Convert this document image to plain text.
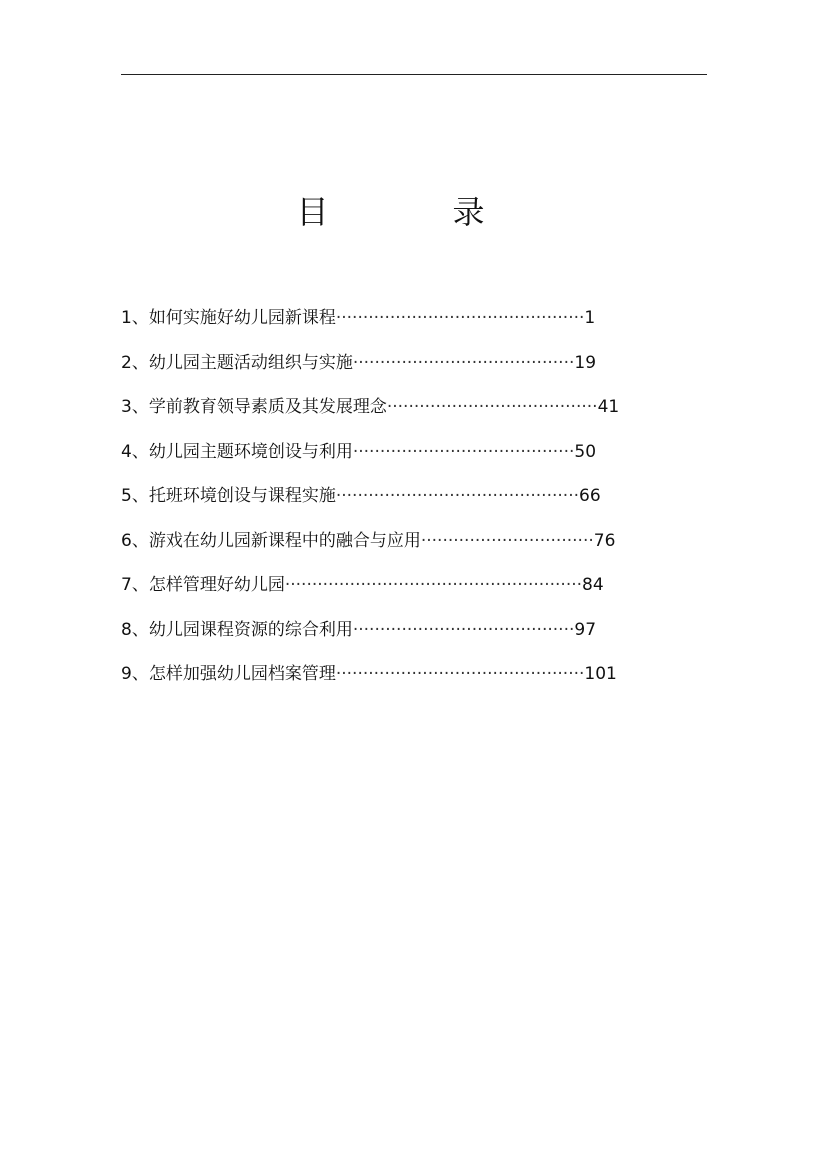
目　录
1、 如何实施好幼儿园新课程 ·············································· 1
2、 幼儿园主题活动组织与实施 ········································· 19
3、 学前教育领导素质及其发展理念 ······································· 41
4、 幼儿园主题环境创设与利用 ········································· 50
5、 托班环境创设与课程实施 ············································· 66
6、 游戏在幼儿园新课程中的融合与应用 ································ 76
7、 怎样管理好幼儿园 ······················································· 84
8、 幼儿园课程资源的综合利用 ········································· 97
9、 怎样加强幼儿园档案管理 ·············································· 101
